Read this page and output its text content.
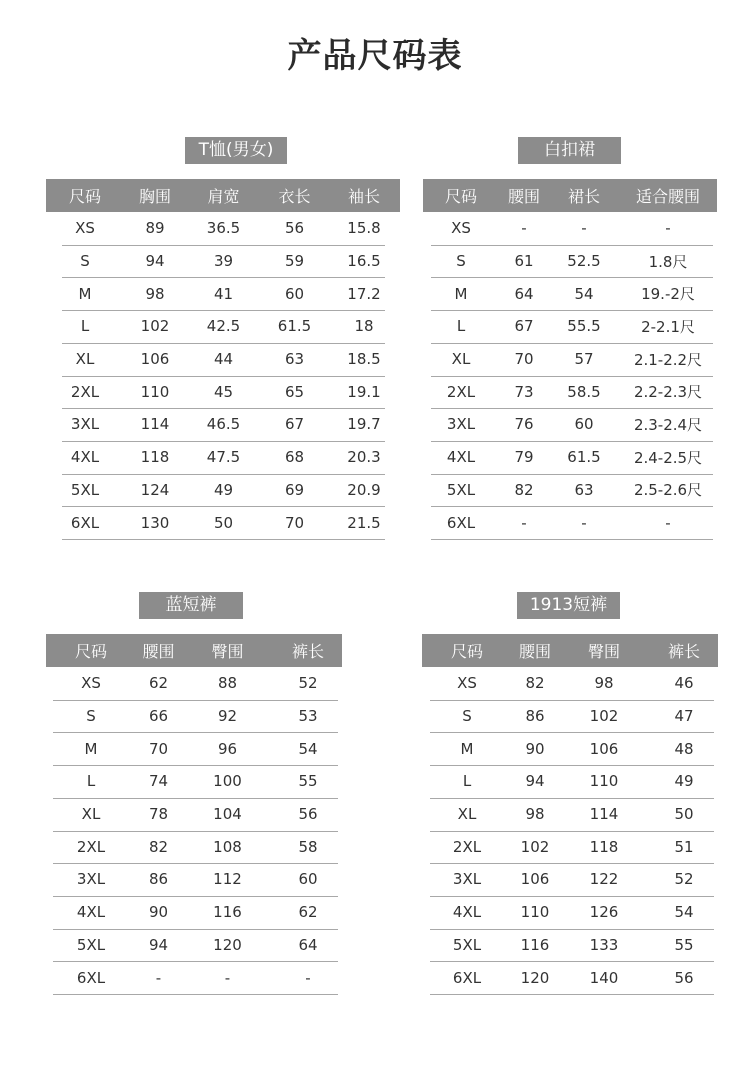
产品尺码表
T恤(男女)
尺码	胸围	肩宽	衣长	袖长
XS	89	36.5	56	15.8
S	94	39	59	16.5
M	98	41	60	17.2
L	102	42.5	61.5	18
XL	106	44	63	18.5
2XL	110	45	65	19.1
3XL	114	46.5	67	19.7
4XL	118	47.5	68	20.3
5XL	124	49	69	20.9
6XL	130	50	70	21.5
白扣裙
尺码	腰围	裙长	适合腰围
XS	-	-	-
S	61	52.5	1.8尺
M	64	54	19.-2尺
L	67	55.5	2-2.1尺
XL	70	57	2.1-2.2尺
2XL	73	58.5	2.2-2.3尺
3XL	76	60	2.3-2.4尺
4XL	79	61.5	2.4-2.5尺
5XL	82	63	2.5-2.6尺
6XL	-	-	-
蓝短裤
尺码	腰围	臀围	裤长
XS	62	88	52
S	66	92	53
M	70	96	54
L	74	100	55
XL	78	104	56
2XL	82	108	58
3XL	86	112	60
4XL	90	116	62
5XL	94	120	64
6XL	-	-	-
1913短裤
尺码	腰围	臀围	裤长
XS	82	98	46
S	86	102	47
M	90	106	48
L	94	110	49
XL	98	114	50
2XL	102	118	51
3XL	106	122	52
4XL	110	126	54
5XL	116	133	55
6XL	120	140	56
